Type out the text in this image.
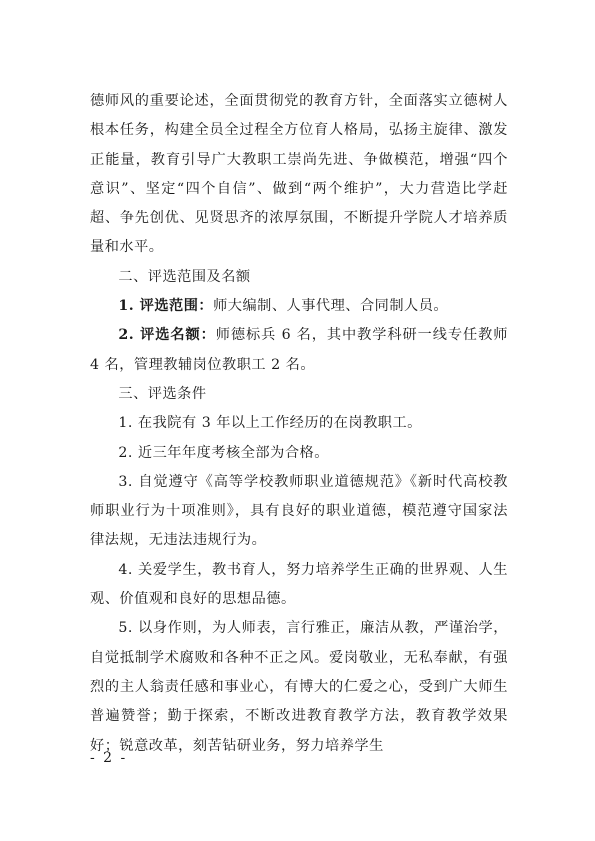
德师风的重要论述，全面贯彻党的教育方针，全面落实立德树人根本任务，构建全员全过程全方位育人格局，弘扬主旋律、激发正能量，教育引导广大教职工崇尚先进、争做模范，增强“四个意识”、坚定“四个自信”、做到“两个维护”，大力营造比学赶超、争先创优、见贤思齐的浓厚氛围，不断提升学院人才培养质量和水平。

二、评选范围及名额

1. 评选范围：师大编制、人事代理、合同制人员。

2. 评选名额：师德标兵 6 名，其中教学科研一线专任教师 4 名，管理教辅岗位教职工 2 名。

三、评选条件

1. 在我院有 3 年以上工作经历的在岗教职工。

2. 近三年年度考核全部为合格。

3. 自觉遵守《高等学校教师职业道德规范》《新时代高校教师职业行为十项准则》，具有良好的职业道德，模范遵守国家法律法规，无违法违规行为。

4. 关爱学生，教书育人，努力培养学生正确的世界观、人生观、价值观和良好的思想品德。

5. 以身作则，为人师表，言行雅正，廉洁从教，严谨治学，自觉抵制学术腐败和各种不正之风。爱岗敬业，无私奉献，有强烈的主人翁责任感和事业心，有博大的仁爱之心，受到广大师生普遍赞誉；勤于探索，不断改进教育教学方法，教育教学效果好；锐意改革，刻苦钻研业务，努力培养学生

- 2 -
